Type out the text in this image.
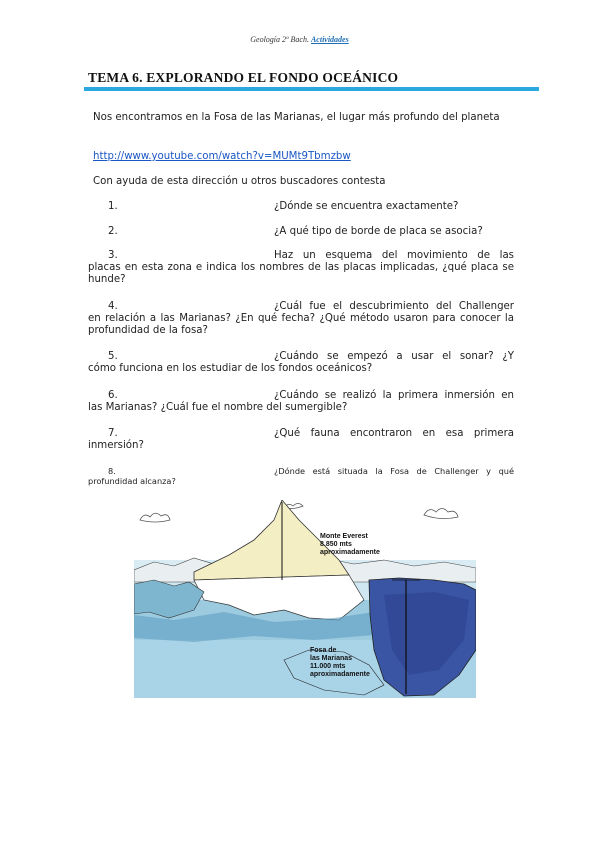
Geología 2º Bach. Actividades
TEMA 6. EXPLORANDO EL FONDO OCEÁNICO
Nos encontramos en la Fosa de las Marianas, el lugar más profundo del planeta
http://www.youtube.com/watch?v=MUMt9Tbmzbw
Con ayuda de esta dirección u otros buscadores contesta
1.	¿Dónde se encuentra exactamente?
2.	¿A qué tipo de borde de placa se asocia?
3.	Haz un esquema del movimiento de las
placas en esta zona e indica los nombres de las placas implicadas, ¿qué placa se hunde?
4.	¿Cuál fue el descubrimiento del Challenger
en relación a las Marianas? ¿En qué fecha? ¿Qué método usaron para conocer la profundidad de la fosa?
5.	¿Cuándo se empezó a usar el sonar? ¿Y
cómo funciona en los estudiar de los fondos oceánicos?
6.	¿Cuándo se realizó la primera inmersión en
las Marianas? ¿Cuál fue el nombre del sumergible?
7.	¿Qué fauna encontraron en esa primera
inmersión?
8.	¿Dónde está situada la Fosa de Challenger y qué
profundidad alcanza?
Monte Everest
8.850 mts
aproximadamente
Fosa de
las Marianas
11.000 mts
aproximadamente
